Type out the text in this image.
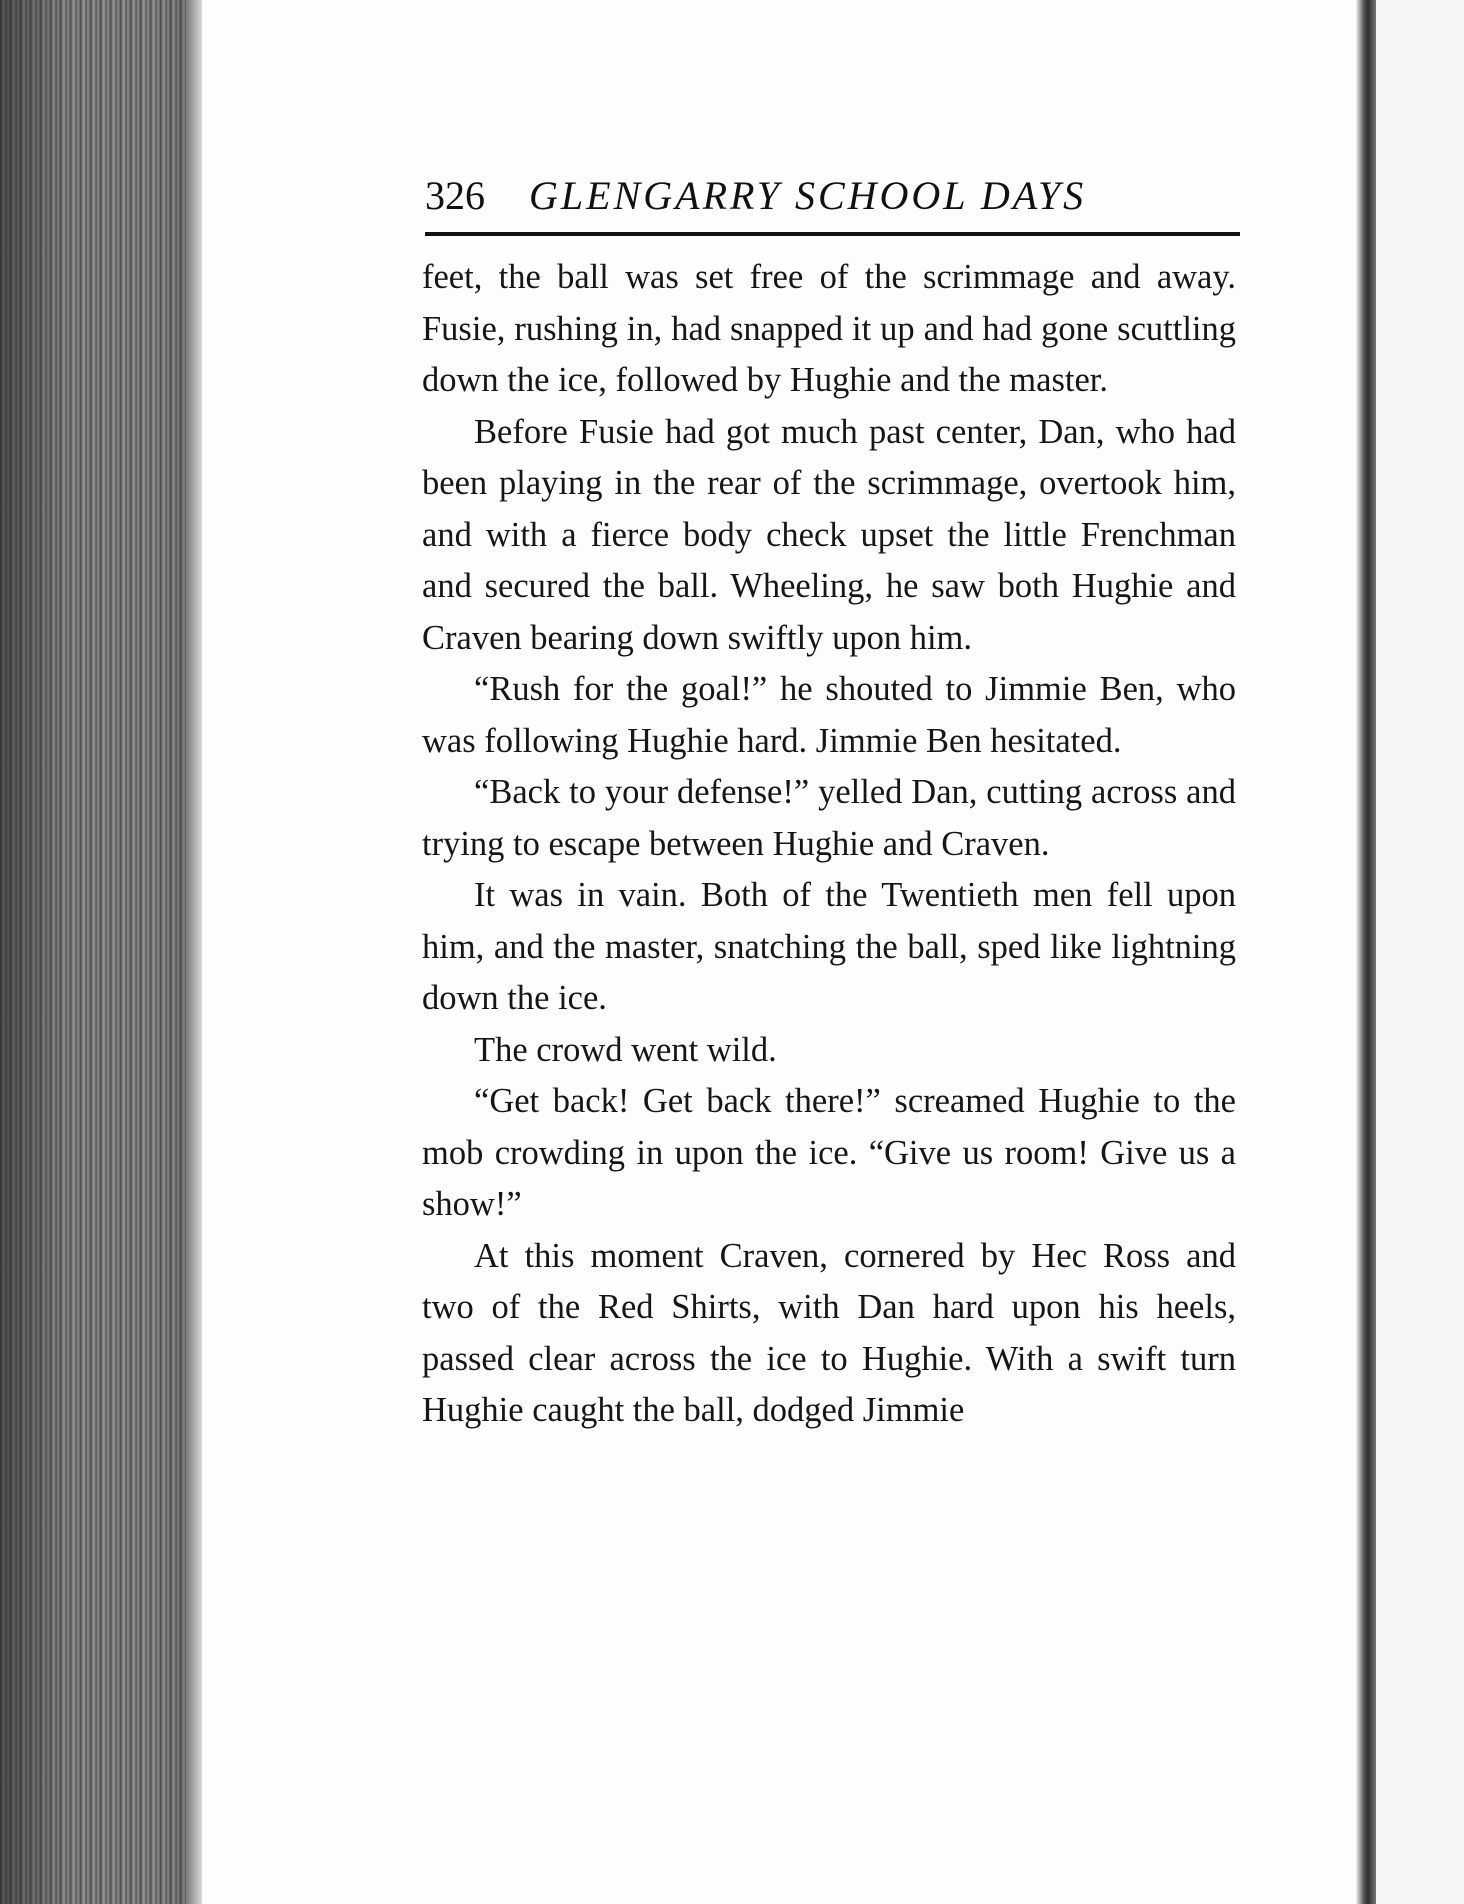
326 GLENGARRY SCHOOL DAYS

feet, the ball was set free of the scrimmage and away. Fusie, rushing in, had snapped it up and had gone scuttling down the ice, followed by Hughie and the master.

Before Fusie had got much past center, Dan, who had been playing in the rear of the scrimmage, overtook him, and with a fierce body check upset the little Frenchman and secured the ball. Wheeling, he saw both Hughie and Craven bearing down swiftly upon him.

“Rush for the goal!” he shouted to Jimmie Ben, who was following Hughie hard. Jimmie Ben hesitated.

“Back to your defense!” yelled Dan, cutting across and trying to escape between Hughie and Craven.

It was in vain. Both of the Twentieth men fell upon him, and the master, snatching the ball, sped like lightning down the ice.

The crowd went wild.

“Get back! Get back there!” screamed Hughie to the mob crowding in upon the ice. “Give us room! Give us a show!”

At this moment Craven, cornered by Hec Ross and two of the Red Shirts, with Dan hard upon his heels, passed clear across the ice to Hughie. With a swift turn Hughie caught the ball, dodged Jimmie
